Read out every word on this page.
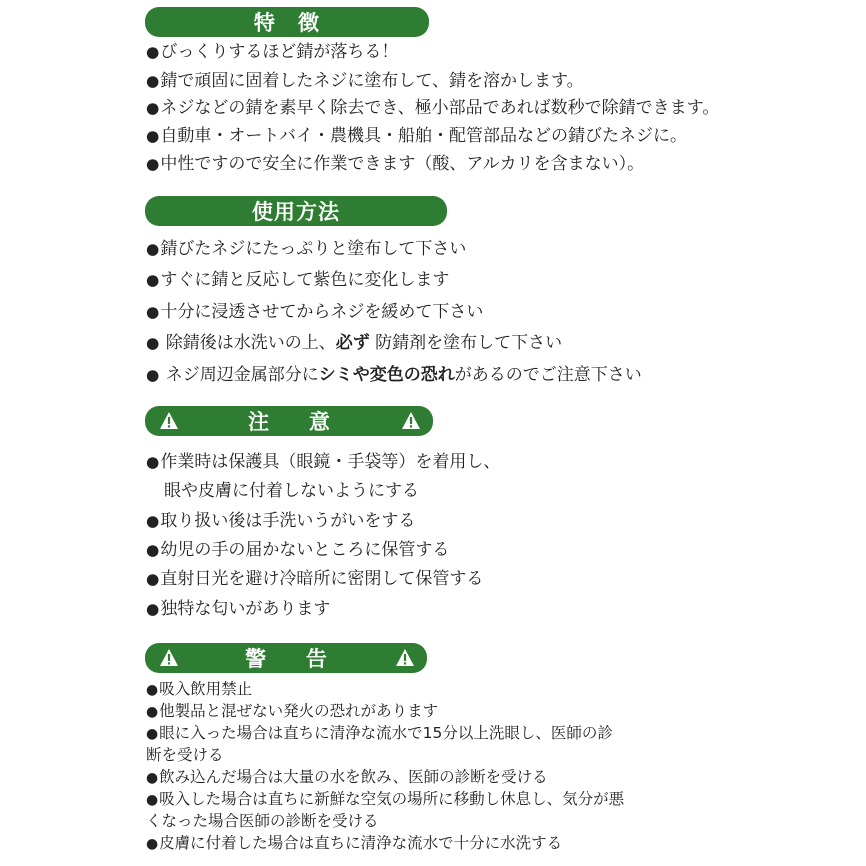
特　徴
● びっくりするほど錆が落ちる！
● 錆で頑固に固着したネジに塗布して、錆を溶かします。
● ネジなどの錆を素早く除去でき、極小部品であれば数秒で除錆できます。
● 自動車・オートバイ・農機具・船舶・配管部品などの錆びたネジに。
● 中性ですので安全に作業できます（酸、アルカリを含まない）。
使用方法
● 錆びたネジにたっぷりと塗布して下さい
● すぐに錆と反応して紫色に変化します
● 十分に浸透させてからネジを緩めて下さい
● 除錆後は水洗いの上、必ず 防錆剤を塗布して下さい
● ネジ周辺金属部分にシミや変色の恐れがあるのでご注意下さい
注意
● 作業時は保護具（眼鏡・手袋等）を着用し、
眼や皮膚に付着しないようにする
● 取り扱い後は手洗いうがいをする
● 幼児の手の届かないところに保管する
● 直射日光を避け冷暗所に密閉して保管する
● 独特な匂いがあります
警告
● 吸入飲用禁止
● 他製品と混ぜない発火の恐れがあります
● 眼に入った場合は直ちに清浄な流水で15分以上洗眼し、医師の診
断を受ける
● 飲み込んだ場合は大量の水を飲み、医師の診断を受ける
● 吸入した場合は直ちに新鮮な空気の場所に移動し休息し、気分が悪
くなった場合医師の診断を受ける
● 皮膚に付着した場合は直ちに清浄な流水で十分に水洗する
